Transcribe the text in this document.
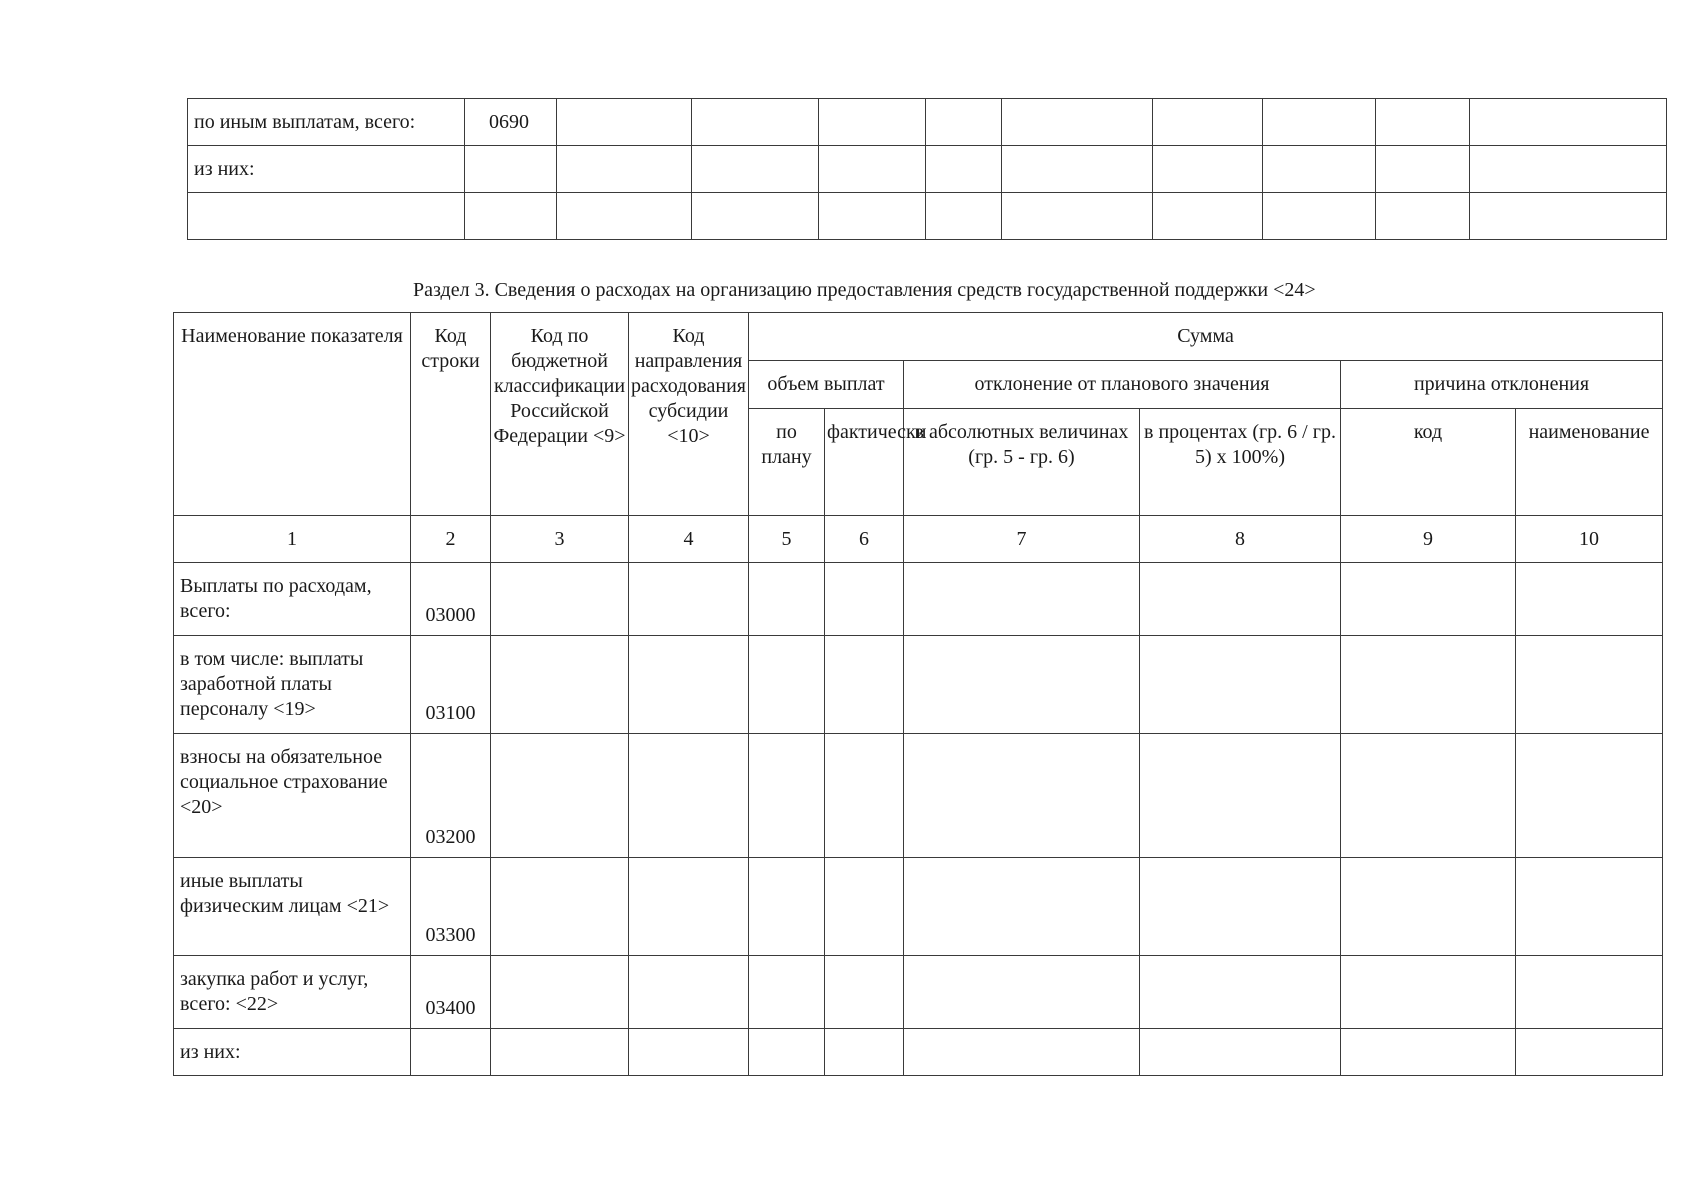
по иным выплатам, всего:	0690									
из них:										

Раздел 3. Сведения о расходах на организацию предоставления средств государственной поддержки <24>
Наименование показателя	Код строки	Код по бюджетной классификации Российской Федерации <9>	Код направления расходования субсидии <10>	Сумма					
				объем выплат		отклонение от планового значения		причина отклонения	
				по плану	фактически	в абсолютных величинах (гр. 5 - гр. 6)	в процентах (гр. 6 / гр. 5) x 100%)	код	наименование
1	2	3	4	5	6	7	8	9	10
Выплаты по расходам, всего:	03000								
в том числе: выплаты заработной платы персоналу <19>	03100								
взносы на обязательное социальное страхование <20>	03200								
иные выплаты физическим лицам <21>	03300								
закупка работ и услуг, всего: <22>	03400								
из них:									
